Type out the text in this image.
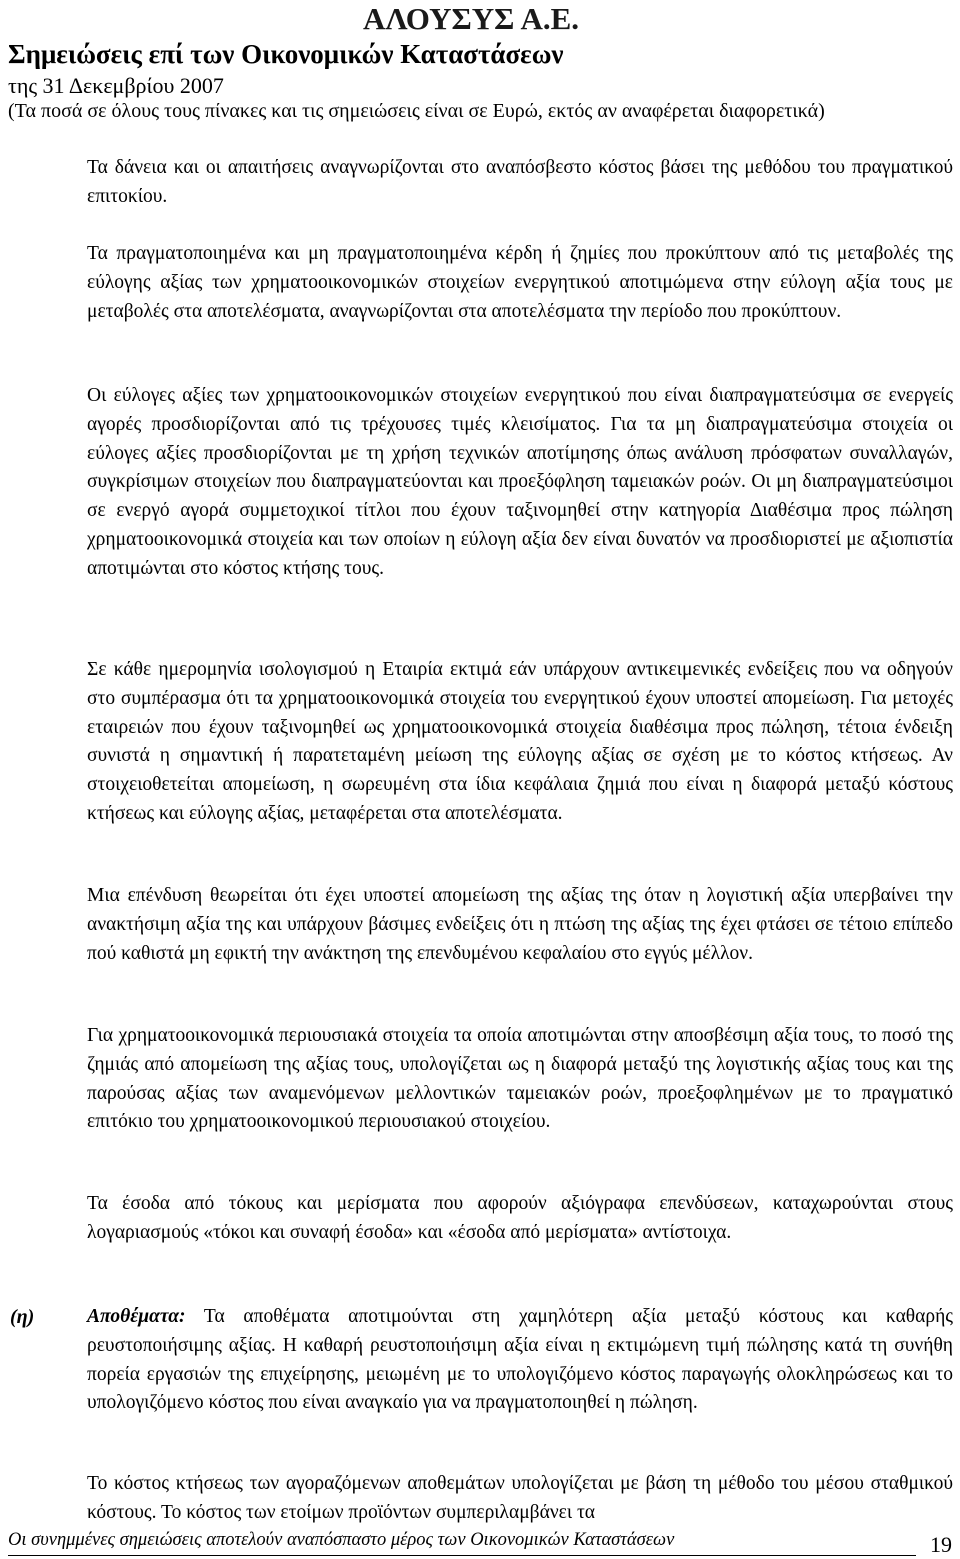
ΑΛΟΥΣΥΣ Α.Ε.
Σημειώσεις επί των Οικονομικών Καταστάσεων
της 31 Δεκεμβρίου 2007
(Τα ποσά σε όλους τους πίνακες και τις σημειώσεις είναι σε Ευρώ, εκτός αν αναφέρεται διαφορετικά)

Τα δάνεια και οι απαιτήσεις αναγνωρίζονται στο αναπόσβεστο κόστος βάσει της μεθόδου του πραγματικού επιτοκίου.

Τα πραγματοποιημένα και μη πραγματοποιημένα κέρδη ή ζημίες που προκύπτουν από τις μεταβολές της εύλογης αξίας των χρηματοοικονομικών στοιχείων ενεργητικού αποτιμώμενα στην εύλογη αξία τους με μεταβολές στα αποτελέσματα, αναγνωρίζονται στα αποτελέσματα την περίοδο που προκύπτουν.

Οι εύλογες αξίες των χρηματοοικονομικών στοιχείων ενεργητικού που είναι διαπραγματεύσιμα σε ενεργείς αγορές προσδιορίζονται από τις τρέχουσες τιμές κλεισίματος. Για τα μη διαπραγματεύσιμα στοιχεία οι εύλογες αξίες προσδιορίζονται με τη χρήση τεχνικών αποτίμησης όπως ανάλυση πρόσφατων συναλλαγών, συγκρίσιμων στοιχείων που διαπραγματεύονται και προεξόφληση ταμειακών ροών. Οι μη διαπραγματεύσιμοι σε ενεργό αγορά συμμετοχικοί τίτλοι που έχουν ταξινομηθεί στην κατηγορία Διαθέσιμα προς πώληση χρηματοοικονομικά στοιχεία και των οποίων η εύλογη αξία δεν είναι δυνατόν να προσδιοριστεί με αξιοπιστία αποτιμώνται στο κόστος κτήσης τους.

Σε κάθε ημερομηνία ισολογισμού η Εταιρία εκτιμά εάν υπάρχουν αντικειμενικές ενδείξεις που να οδηγούν στο συμπέρασμα ότι τα χρηματοοικονομικά στοιχεία του ενεργητικού έχουν υποστεί απομείωση. Για μετοχές εταιρειών που έχουν ταξινομηθεί ως χρηματοοικονομικά στοιχεία διαθέσιμα προς πώληση, τέτοια ένδειξη συνιστά η σημαντική ή παρατεταμένη μείωση της εύλογης αξίας σε σχέση με το κόστος κτήσεως. Αν στοιχειοθετείται απομείωση, η σωρευμένη στα ίδια κεφάλαια ζημιά που είναι η διαφορά μεταξύ κόστους κτήσεως και εύλογης αξίας, μεταφέρεται στα αποτελέσματα.

Μια επένδυση θεωρείται ότι έχει υποστεί απομείωση της αξίας της όταν η λογιστική αξία υπερβαίνει την ανακτήσιμη αξία της και υπάρχουν βάσιμες ενδείξεις ότι η πτώση της αξίας της έχει φτάσει σε τέτοιο επίπεδο πού καθιστά μη εφικτή την ανάκτηση της επενδυμένου κεφαλαίου στο εγγύς μέλλον.

Για χρηματοοικονομικά περιουσιακά στοιχεία τα οποία αποτιμώνται στην αποσβέσιμη αξία τους, το ποσό της ζημιάς από απομείωση της αξίας τους, υπολογίζεται ως η διαφορά μεταξύ της λογιστικής αξίας τους και της παρούσας αξίας των αναμενόμενων μελλοντικών ταμειακών ροών, προεξοφλημένων με το πραγματικό επιτόκιο του χρηματοοικονομικού περιουσιακού στοιχείου.

Τα έσοδα από τόκους και μερίσματα που αφορούν αξιόγραφα επενδύσεων, καταχωρούνται στους λογαριασμούς «τόκοι και συναφή έσοδα» και «έσοδα από μερίσματα» αντίστοιχα.

(η)	Αποθέματα: Τα αποθέματα αποτιμούνται στη χαμηλότερη αξία μεταξύ κόστους και καθαρής ρευστοποιήσιμης αξίας. Η καθαρή ρευστοποιήσιμη αξία είναι η εκτιμώμενη τιμή πώλησης κατά τη συνήθη πορεία εργασιών της επιχείρησης, μειωμένη με το υπολογιζόμενο κόστος παραγωγής ολοκληρώσεως και το υπολογιζόμενο κόστος που είναι αναγκαίο για να πραγματοποιηθεί η πώληση.

Το κόστος κτήσεως των αγοραζόμενων αποθεμάτων υπολογίζεται με βάση τη μέθοδο του μέσου σταθμικού κόστους. Το κόστος των ετοίμων προϊόντων συμπεριλαμβάνει τα

Οι συνημμένες σημειώσεις αποτελούν αναπόσπαστο μέρος των Οικονομικών Καταστάσεων	19
